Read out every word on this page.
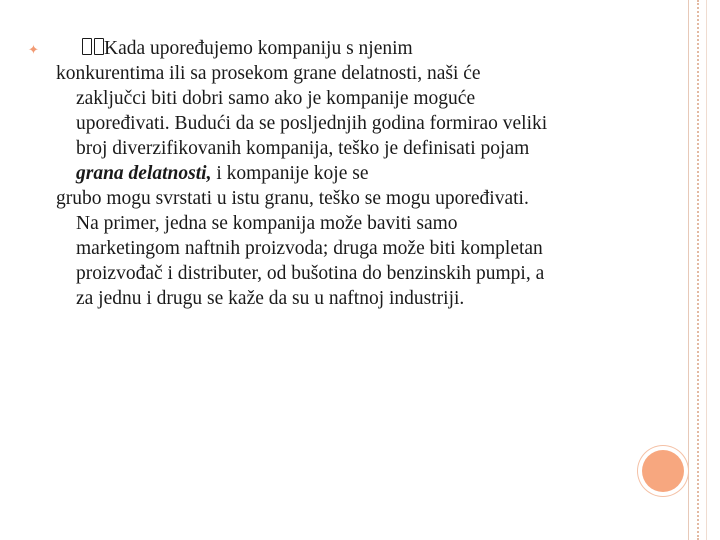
✦	Kada upoređujemo kompaniju s njenim
konkurentima ili sa prosekom grane delatnosti, naši će
zaključci biti dobri samo ako je kompanije moguće
upoređivati. Budući da se posljednjih godina formirao veliki
broj diverzifikovanih kompanija, teško je definisati pojam
grana delatnosti, i kompanije koje se
grubo mogu svrstati u istu granu, teško se mogu upoređivati.
Na primer, jedna se kompanija može baviti samo
marketingom naftnih proizvoda; druga može biti kompletan
proizvođač i distributer, od bušotina do benzinskih pumpi, a
za jednu i drugu se kaže da su u naftnoj industriji.
